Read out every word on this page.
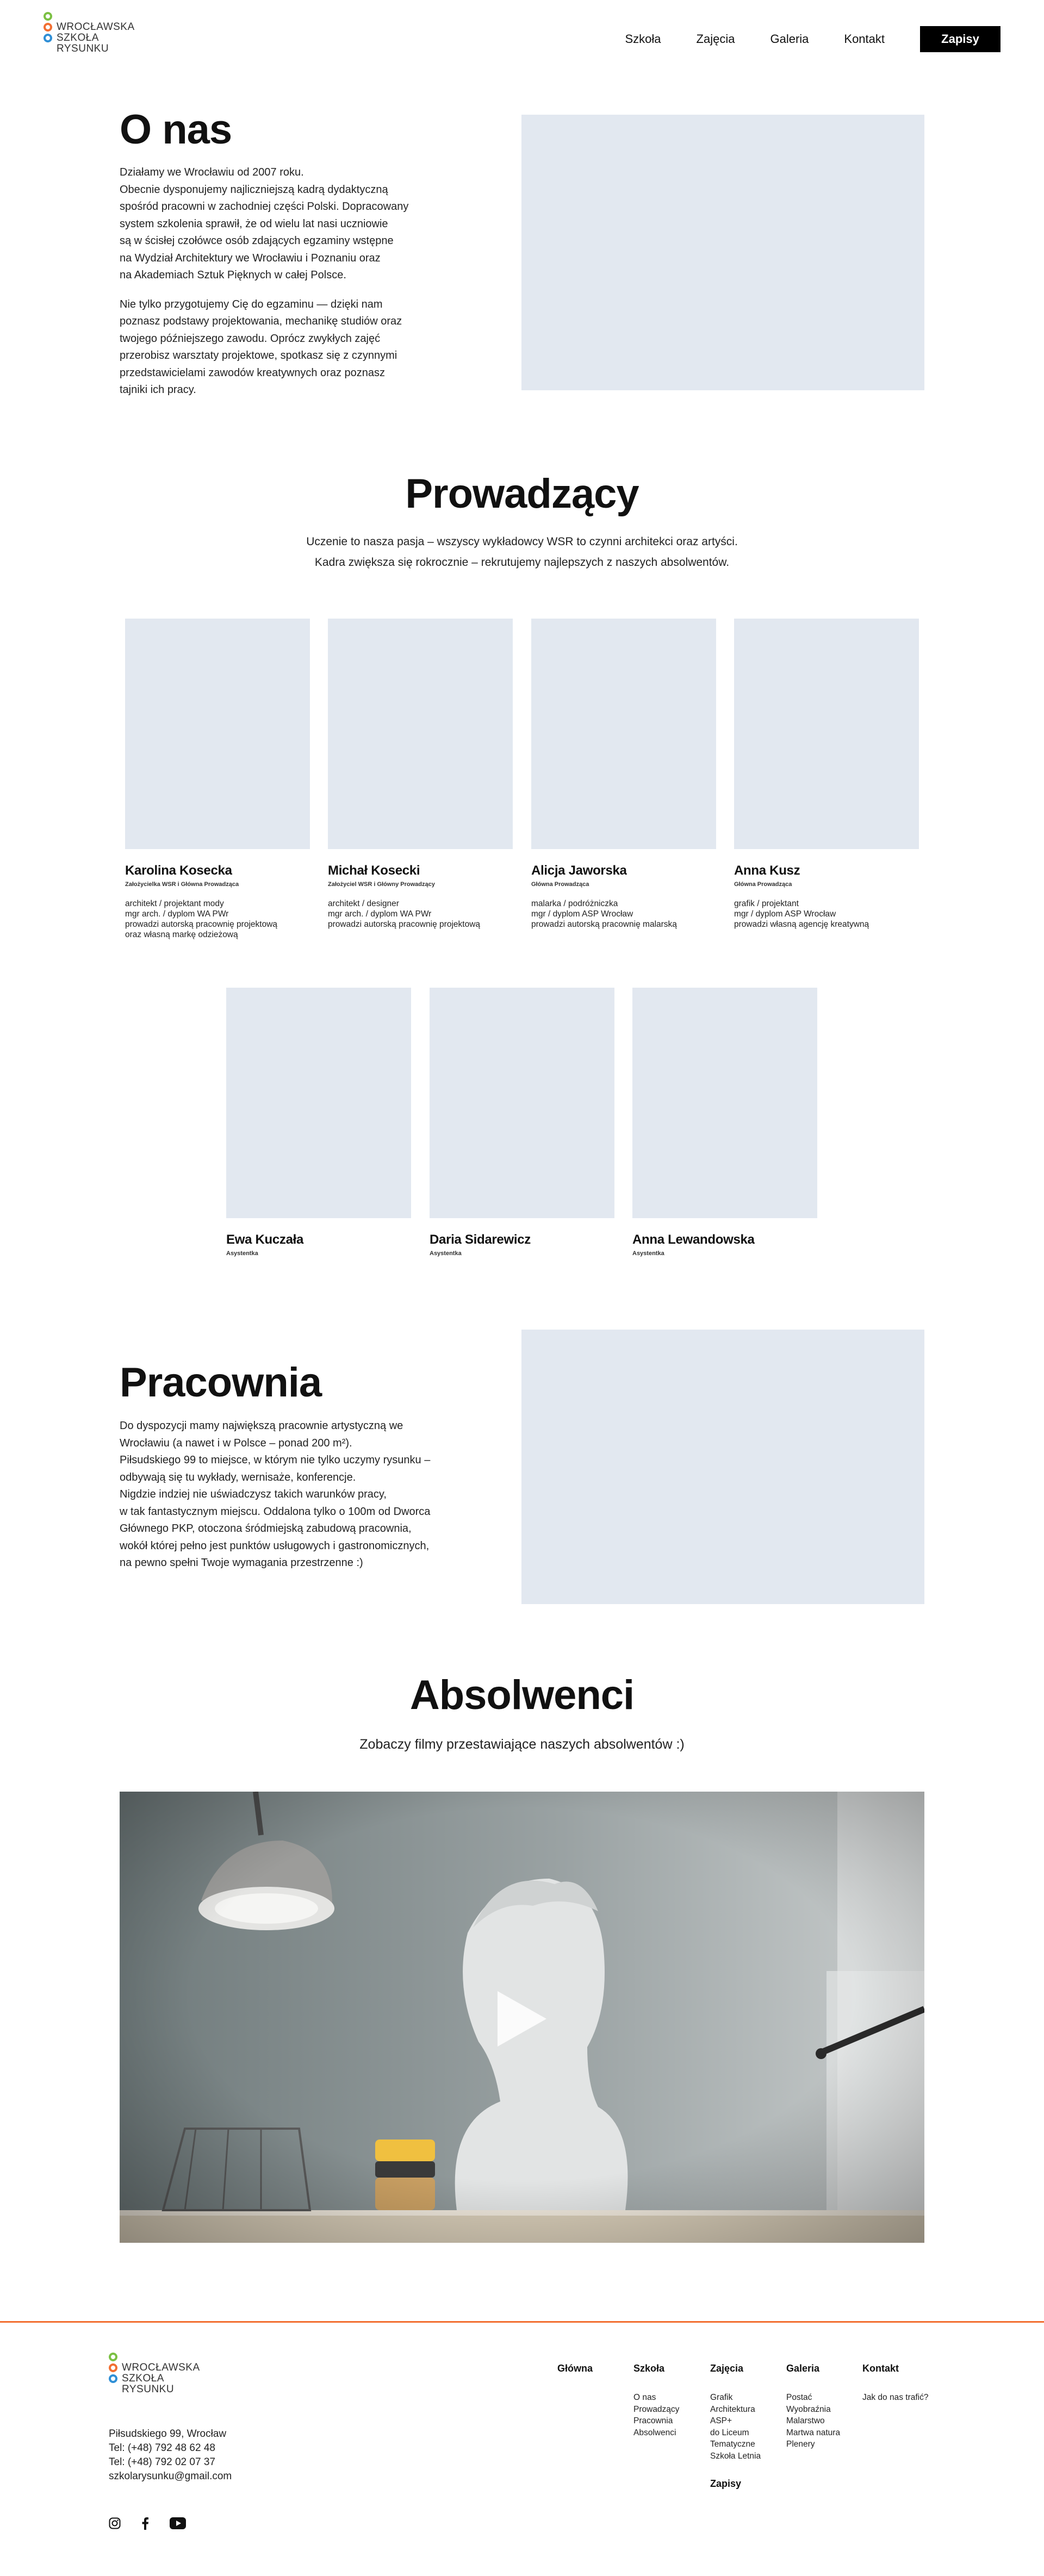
WROCŁAWSKA
SZKOŁA
RYSUNKU
Szkoła	Zajęcia	Galeria	Kontakt	Zapisy
O nas

Działamy we Wrocławiu od 2007 roku.
Obecnie dysponujemy najliczniejszą kadrą dydaktyczną
spośród pracowni w zachodniej części Polski. Dopracowany
system szkolenia sprawił, że od wielu lat nasi uczniowie
są w ścisłej czołówce osób zdających egzaminy wstępne
na Wydział Architektury we Wrocławiu i Poznaniu oraz
na Akademiach Sztuk Pięknych w całej Polsce.

Nie tylko przygotujemy Cię do egzaminu — dzięki nam
poznasz podstawy projektowania, mechanikę studiów oraz
twojego późniejszego zawodu. Oprócz zwykłych zajęć
przerobisz warsztaty projektowe, spotkasz się z czynnymi
przedstawicielami zawodów kreatywnych oraz poznasz
tajniki ich pracy.

Prowadzący
Uczenie to nasza pasja – wszyscy wykładowcy WSR to czynni architekci oraz artyści.
Kadra zwiększa się rokrocznie – rekrutujemy najlepszych z naszych absolwentów.
Karolina Kosecka
Założycielka WSR i Główna Prowadząca
architekt / projektant mody
mgr arch. / dyplom WA PWr
prowadzi autorską pracownię projektową
oraz własną markę odzieżową
Michał Kosecki
Założyciel WSR i Główny Prowadzący
architekt / designer
mgr arch. / dyplom WA PWr
prowadzi autorską pracownię projektową
Alicja Jaworska
Główna Prowadząca
malarka / podróżniczka
mgr / dyplom ASP Wrocław
prowadzi autorską pracownię malarską
Anna Kusz
Główna Prowadząca
grafik / projektant
mgr / dyplom ASP Wrocław
prowadzi własną agencję kreatywną
Ewa Kuczała
Asystentka
Daria Sidarewicz
Asystentka
Anna Lewandowska
Asystentka
Pracownia
Do dyspozycji mamy największą pracownie artystyczną we
Wrocławiu (a nawet i w Polsce – ponad 200 m²).
Piłsudskiego 99 to miejsce, w którym nie tylko uczymy rysunku –
odbywają się tu wykłady, wernisaże, konferencje.
Nigdzie indziej nie uświadczysz takich warunków pracy,
w tak fantastycznym miejscu. Oddalona tylko o 100m od Dworca
Głównego PKP, otoczona śródmiejską zabudową pracownia,
wokół której pełno jest punktów usługowych i gastronomicznych,
na pewno spełni Twoje wymagania przestrzenne :)
Absolwenci
Zobaczy filmy przestawiające naszych absolwentów :)
WROCŁAWSKA
SZKOŁA
RYSUNKU
Piłsudskiego 99, Wrocław
Tel: (+48) 792 48 62 48
Tel: (+48) 792 02 07 37
szkolarysunku@gmail.com
Główna	Szkoła
O nas
Prowadzący
Pracownia
Absolwenci
Zajęcia
Grafik
Architektura
ASP+
do Liceum
Tematyczne
Szkoła Letnia
Zapisy
Galeria
Postać
Wyobraźnia
Malarstwo
Martwa natura
Plenery
Kontakt
Jak do nas trafić?
